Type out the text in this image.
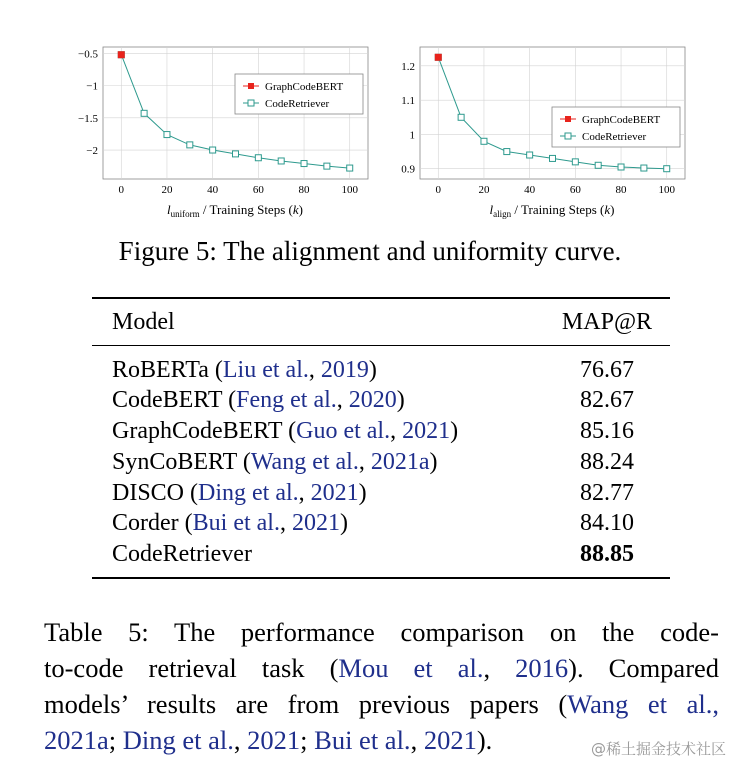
−0.5
−1
−1.5
−2
0	20	40	60	80	100
GraphCodeBERT
CodeRetriever
$l_{uniform}$ / Training Steps (k)
1.2
1.1
1
0.9
0	20	40	60	80	100
GraphCodeBERT
CodeRetriever
$l_{align}$ / Training Steps (k)
Figure 5: The alignment and uniformity curve.
Model	MAP@R
RoBERTa (Liu et al., 2019)	76.67
CodeBERT (Feng et al., 2020)	82.67
GraphCodeBERT (Guo et al., 2021)	85.16
SynCoBERT (Wang et al., 2021a)	88.24
DISCO (Ding et al., 2021)	82.77
Corder (Bui et al., 2021)	84.10
CodeRetriever	88.85
Table 5: The performance comparison on the code-
to-code retrieval task (Mou et al., 2016). Compared
models’ results are from previous papers (Wang et al.,
2021a; Ding et al., 2021; Bui et al., 2021).	@稀土掘金技术社区
